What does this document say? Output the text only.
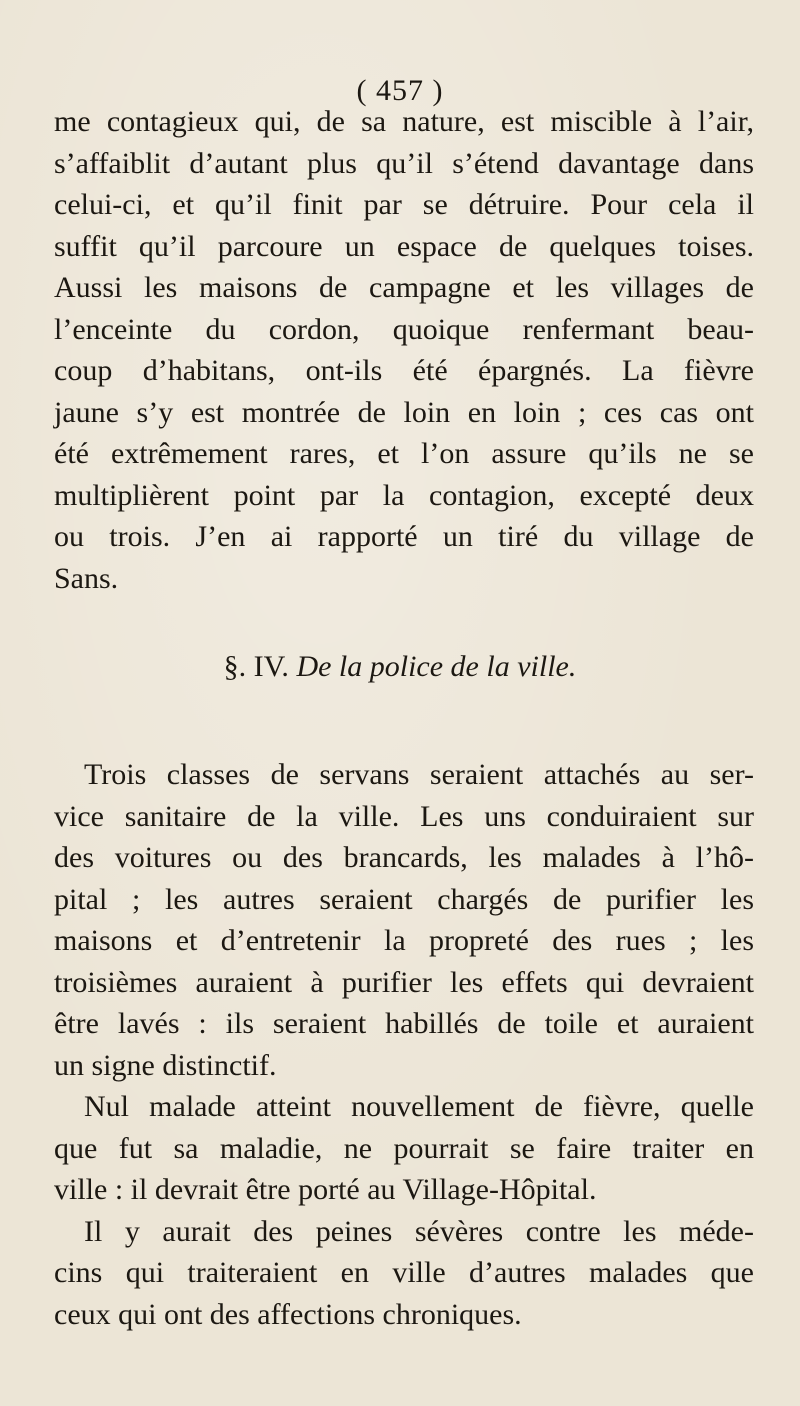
( 457 )
me contagieux qui, de sa nature, est miscible à l’air,
s’affaiblit d’autant plus qu’il s’étend davantage dans
celui-ci, et qu’il finit par se détruire. Pour cela il
suffit qu’il parcoure un espace de quelques toises.
Aussi les maisons de campagne et les villages de
l’enceinte du cordon, quoique renfermant beau-
coup d’habitans, ont-ils été épargnés. La fièvre
jaune s’y est montrée de loin en loin ; ces cas ont
été extrêmement rares, et l’on assure qu’ils ne se
multiplièrent point par la contagion, excepté deux
ou trois. J’en ai rapporté un tiré du village de
Sans.
§. IV. De la police de la ville.
Trois classes de servans seraient attachés au ser-
vice sanitaire de la ville. Les uns conduiraient sur
des voitures ou des brancards, les malades à l’hô-
pital ; les autres seraient chargés de purifier les
maisons et d’entretenir la propreté des rues ; les
troisièmes auraient à purifier les effets qui devraient
être lavés : ils seraient habillés de toile et auraient
un signe distinctif.
Nul malade atteint nouvellement de fièvre, quelle
que fut sa maladie, ne pourrait se faire traiter en
ville : il devrait être porté au Village-Hôpital.
Il y aurait des peines sévères contre les méde-
cins qui traiteraient en ville d’autres malades que
ceux qui ont des affections chroniques.
